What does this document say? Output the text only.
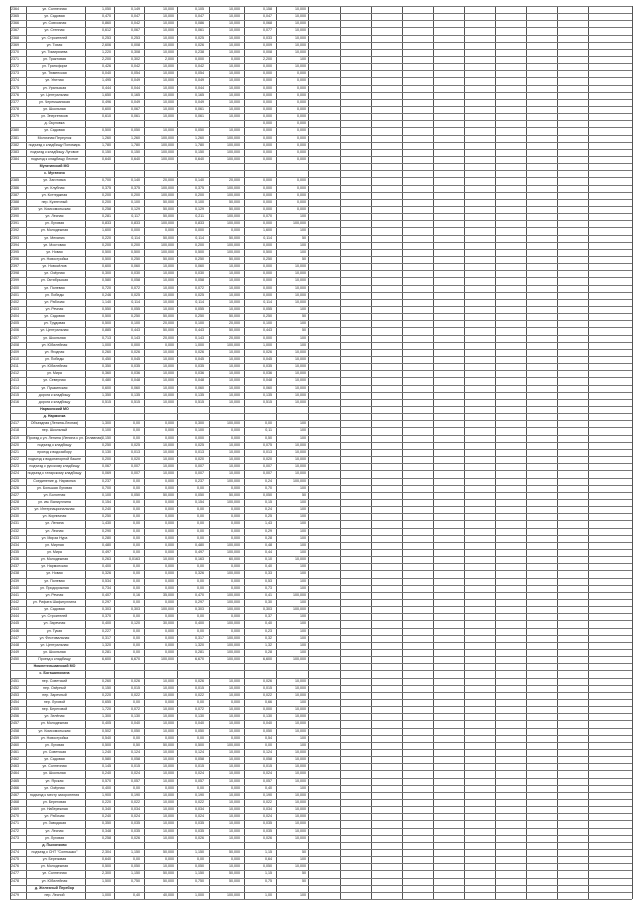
2364	ул. Солнечная	1,050	0,149	10,000	0,105	10,000	0,158	10,000
2365	ул. Садовая	0,470	0,047	10,000	0,047	10,000	0,047	10,000
2366	ул. Совхозная	0,860	0,042	10,000	0,086	10,000	0,068	10,000
2367	ул. Степная	0,612	0,067	10,000	0,061	10,000	0,077	10,000
2368	ул. Строителей	0,253	0,253	10,000	0,025	10,000	0,033	10,000
2369	ул. Тихая	2,606	0,008	10,000	0,026	10,000	0,009	10,000
2370	ул. Тимирязева	1,220	0,308	10,000	0,238	10,000	0,008	10,000
2371	ул. Трактовая	2,200	0,302	2,000	0,000	0,000	2,200	100
2372	ул. Трансформ	0,426	0,042	10,000	0,042	10,000	0,000	10,000
2373	ул. Тюменская	0,040	0,054	10,000	0,054	10,000	0,000	0,000
2374	ул. Уютная	1,495	0,049	10,000	0,049	10,000	0,000	0,000
2375	ул. Уральская	0,444	0,044	10,000	0,044	10,000	0,000	0,000
2376	ул. Центральная	1,650	0,165	10,000	0,165	10,000	0,000	0,000
2377	ул. Черемшанская	0,496	0,049	10,000	0,049	10,000	0,000	0,000
2378	ул. Школьная	0,600	0,067	10,000	0,061	10,000	0,000	0,000
2379	ул. Энергетиков	0,610	0,061	10,000	0,061	10,000	0,000	0,000
д. Окуловка	0,000	0,000
2380	ул. Садовая	0,500	0,050	10,000	0,050	10,000	0,000	0,000
2381	Молочная Переулок	1,260	1,260	100,000	1,260	100,000	0,000	0,000
2382	подъезд к кладбищу Пономарь	1,780	1,780	100,000	1,780	100,000	0,000	0,000
2383	подъезд к кладбищу Луговое	0,150	0,150	100,000	0,150	100,000	0,000	0,000
2384	подъезд к кладбищу Лесное	0,640	0,640	100,000	0,640	100,000	0,000	0,000
Мугатинский МО
с. Мугатино
2385	ул. Заготовка	0,700	0,140	20,000	0,140	20,000	0,000	0,000
2386	ул. Клубная	0,375	0,375	100,000	0,375	100,000	0,000	0,000
2387	ул. Коттеджная	0,200	0,200	100,000	0,200	100,000	0,000	0,000
2388	пер. Кузнечный	0,200	0,100	50,000	0,100	50,000	0,000	0,000
2389	ул. Комсомольская	0,258	0,129	50,000	0,129	50,000	0,000	0,000
2390	ул. Лесная	0,281	0,117	50,000	0,211	100,000	0,070	100
2391	ул. Луговая	0,833	0,833	100,000	0,833	100,000	0,000	100,000
2392	ул. Молодежная	1,600	0,000	0,000	0,000	0,000	1,600	100
2393	ул. Механиз	0,220	0,114	50,000	0,114	50,000	0,114	50
2394	ул. Мостовая	0,200	0,200	100,000	0,200	100,000	0,000	100
2395	ул. Новая	0,500	0,500	100,000	0,500	100,000	0,500	100
2396	ул. Новостройка	0,500	0,250	50,000	0,250	50,000	0,250	50
2397	ул. Новосёлов	0,600	0,060	10,000	0,060	10,000	0,000	10,000
2398	ул. Озёрная	0,300	0,030	10,000	0,030	10,000	0,000	10,000
2399	ул. Октябрьская	0,580	0,058	10,000	0,058	10,000	0,000	10,000
2400	ул. Полевая	0,720	0,072	10,000	0,072	10,000	0,000	10,000
2401	ул. Победы	0,246	0,025	10,000	0,025	10,000	0,000	10,000
2402	ул. Рабочая	1,140	0,114	10,000	0,114	10,000	0,114	10,000
2403	ул. Речная	0,550	0,055	10,000	0,055	10,000	0,055	100
2404	ул. Садовая	0,500	0,250	50,000	0,250	50,000	0,250	50
2405	ул. Трудовая	0,500	0,100	20,000	0,100	20,000	0,100	100
2406	ул. Центральная	0,885	0,443	50,000	0,443	50,000	0,443	50
2407	ул. Школьная	0,713	0,143	20,000	0,143	20,000	0,000	100
2408	ул. Юбилейная	1,000	0,000	0,000	1,000	100,000	1,000	100
2409	ул. Ягодная	0,260	0,026	10,000	0,026	10,000	0,026	10,000
2410	ул. Победы	0,450	0,045	10,000	0,045	10,000	0,045	10,000
2411	ул. Юбилейная	0,350	0,035	10,000	0,035	10,000	0,035	10,000
2412	ул. Мира	0,360	0,036	10,000	0,036	10,000	0,036	10,000
2413	ул. Северная	0,480	0,048	10,000	0,048	10,000	0,048	10,000
2414	ул. Пушкинская	0,600	0,060	10,000	0,060	10,000	0,060	10,000
2415	дорога к кладбищу	1,350	0,135	10,000	0,135	10,000	0,135	10,000
2416	дорога к кладбищу	0,515	0,515	10,000	0,515	10,000	0,515	10,000
Нармонский МО
д. Нармонка
2417	Объездная (Ленина-Лесная)	1,300	0,00	0,000	0,300	100,000	0,00	100
2418	пер. Школьный	0,100	0,00	0,000	0,100	0,000	0,11	100
2419	Проезд к ул. Ленина (Ленина к ул. Сплавная) 0,150	0,00	0,000	0,000	0,000	0,50	100
2420	подъезд к кладбищу	0,250	0,025	10,000	0,025	10,000	0,075	10,000
2421	проезд к водозабору	0,130	0,013	10,000	0,013	10,000	0,013	10,000
2422	подъезд к водонапорной башне	0,200	0,020	10,000	0,020	10,000	0,020	10,000
2423	подъезд к русскому кладбищу	0,067	0,007	10,000	0,007	10,000	0,007	10,000
2424	подъезд к татарскому кладбищу	0,069	0,007	10,000	0,007	10,000	0,007	10,000
2425	Соединение д. Нармонка	0,237	0,00	0,000	0,237	100,000	0,24	100,000
2426	ул. Большая Луговая	0,700	0,00	0,000	0,00	0,000	0,70	100
2427	ул. Болотная	0,100	0,050	50,000	0,050	50,000	0,050	50
2428	ул. им. Валиуллина	0,154	0,00	0,000	0,154	100,000	0,15	100
2429	ул. Интернациональная	0,240	0,00	0,000	0,00	0,000	0,24	100
2430	ул. Кирпичная	0,250	0,00	0,000	0,00	0,000	0,25	100
2431	ул. Ленина	1,430	0,00	0,000	0,00	0,000	1,43	100
2432	ул. Лесная	0,290	0,00	0,000	0,00	0,000	0,29	100
2433	ул. Мирза Нура	0,280	0,00	0,000	0,00	0,000	0,28	100
2434	ул. Мирная	0,480	0,00	0,000	0,480	100,000	0,48	100
2435	ул. Мира	0,497	0,00	0,000	0,497	100,000	0,44	100
2436	ул. Молодежная	0,263	0,0163	10,000	0,163	60,000	0,10	10,000
2437	ул. Нармонская	0,400	0,00	0,000	0,00	0,000	0,40	100
2438	ул. Новая	0,326	0,00	0,000	0,326	100,000	0,33	100
2439	ул. Полевая	0,534	0,00	0,000	0,00	0,000	0,53	100
2440	ул. Придорожная	0,734	0,00	0,000	0,00	0,000	0,73	100
2441	ул. Речная	0,407	0,16	35,000	0,470	100,000	0,41	100,000
2442	ул. Рифата Шафигуллина	0,297	0,00	0,000	0,297	100,000	0,30	100
2443	ул. Садовая	0,303	0,303	100,000	0,303	100,000	0,303	100,000
2444	ул. Строителей	0,370	0,00	0,000	0,00	0,000	0,37	100
2445	ул. Заречная	0,400	0,120	30,000	0,400	100,000	0,40	100
2446	ул. Тукая	0,227	0,00	0,000	0,00	0,000	0,23	100
2447	ул. Фестивальная	0,317	0,00	0,000	0,317	100,000	0,32	100
2448	ул. Центральная	1,320	0,00	0,000	1,320	100,000	1,32	100
2449	ул. Школьная	0,281	0,00	0,000	0,281	100,000	0,28	100
2450	Проезд к кладбищу	6,600	6,670	100,000	6,670	100,000	6,600	100,000
Нижнетельминский МО
с. Богашинохина
2451	пер. Советский	0,260	0,026	10,000	0,026	10,000	0,026	10,000
2452	пер. Озёрный	0,150	0,015	10,000	0,015	10,000	0,015	10,000
2453	пер. Заречный	0,220	0,022	10,000	0,022	10,000	0,022	10,000
2454	пер. Луговой	0,655	0,00	0,000	0,00	0,000	0,66	100
2455	пер. Береговой	1,720	0,072	10,000	0,072	10,000	0,000	10,000
2456	ул. Зелёная	1,300	0,130	10,000	0,130	10,000	0,130	10,000
2457	ул. Молодежная	0,405	0,040	10,000	0,040	10,000	0,040	10,000
2458	ул. Комсомольская	0,502	0,050	10,000	0,050	10,000	0,050	10,000
2459	ул. Новостройка	0,540	0,00	0,000	0,00	0,000	0,54	100
2460	ул. Луговая	0,500	0,50	50,000	0,500	100,000	0,00	100
2461	ул. Советская	1,240	0,124	10,000	0,124	10,000	0,124	10,000
2462	ул. Садовая	0,580	0,058	10,000	0,058	10,000	0,058	10,000
2463	ул. Солнечная	0,145	0,015	10,000	0,015	10,000	0,015	10,000
2464	ул. Школьная	0,240	0,024	10,000	0,024	10,000	0,024	10,000
2465	ул. Ярская	0,570	0,057	10,000	0,057	10,000	0,057	10,000
2466	ул. Озёрная	0,400	0,00	0,000	0,00	0,000	0,40	100
2467	подъезд к месту захоронения	1,900	0,190	10,000	0,190	10,000	0,190	10,000
2468	ул. Береговая	0,220	0,022	10,000	0,022	10,000	0,022	10,000
2469	ул. Набережная	0,340	0,034	10,000	0,034	10,000	0,034	10,000
2470	ул. Рабочая	0,240	0,024	10,000	0,024	10,000	0,024	10,000
2471	ул. Заводская	0,350	0,035	10,000	0,035	10,000	0,035	10,000
2472	ул. Лесная	0,348	0,035	10,000	0,035	10,000	0,035	10,000
2473	ул. Луговая	0,258	0,026	10,000	0,026	10,000	0,026	10,000
д. Пыхонково
2474	подъезд к СНТ "Солнышко"	2,304	1,150	50,000	1,150	50,000	1,15	50
2475	ул. Березовая	0,640	0,00	0,000	0,00	0,000	0,64	100
2476	ул. Молодежная	0,500	0,050	10,000	0,050	10,000	0,050	10,000
2477	ул. Солнечная	2,300	1,150	50,000	1,150	50,000	1,15	50
2478	ул. Юбилейная	1,500	0,750	50,000	0,750	50,000	0,75	50
д. Железный Перебор
2479	пер. Лесной	1,000	0,40	40,000	1,000	100,000	1,00	100
